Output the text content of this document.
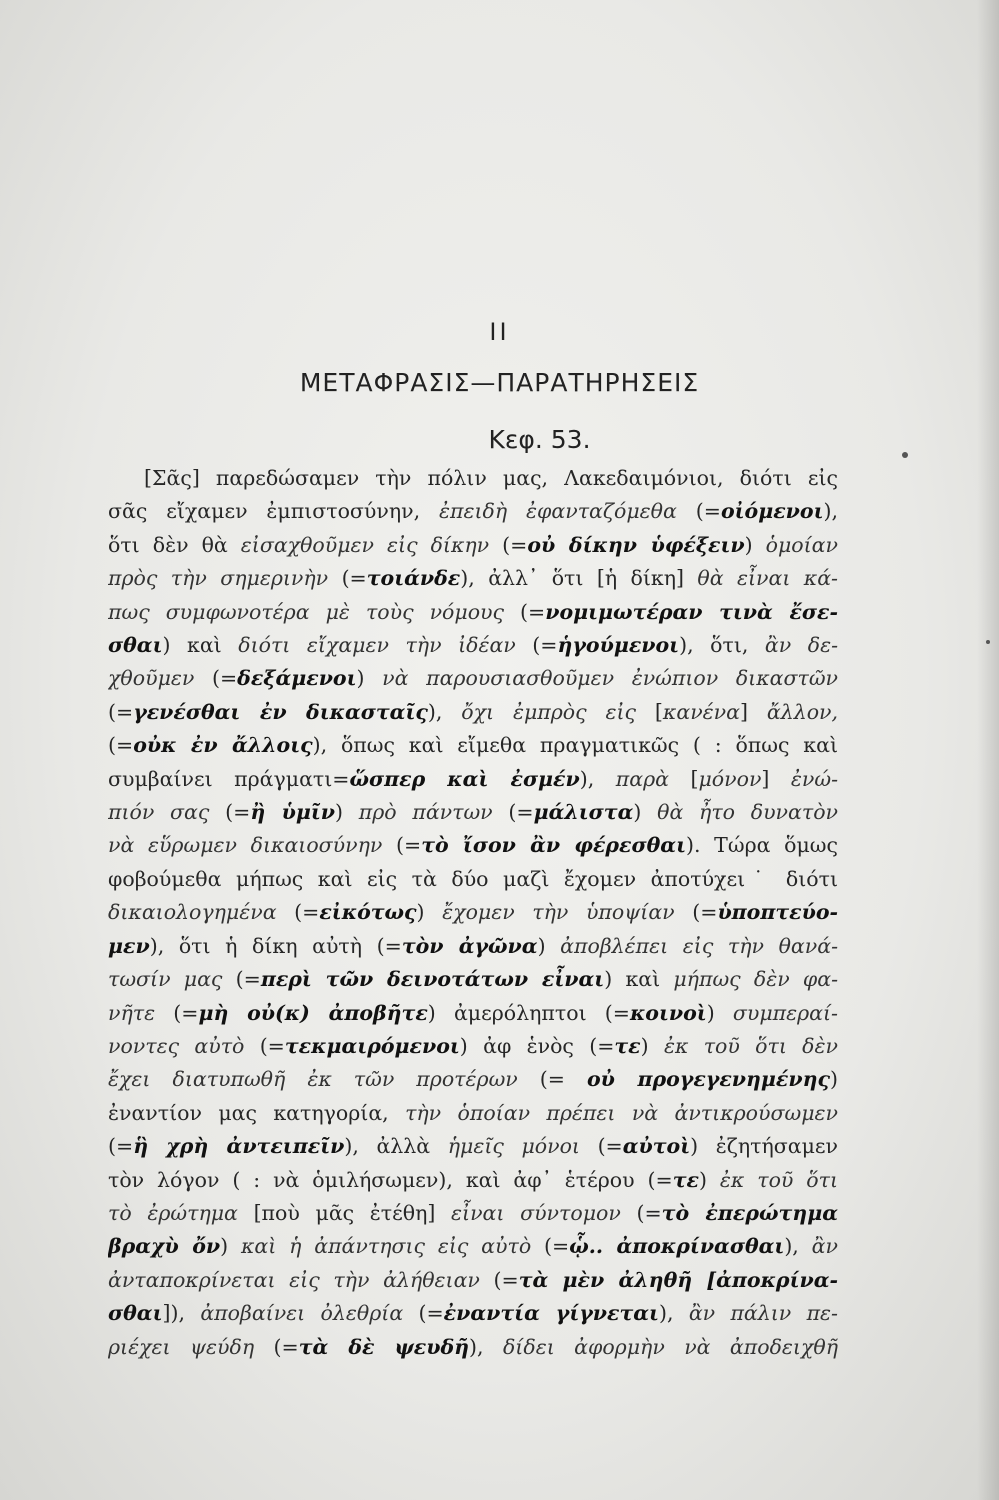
II
ΜΕΤΑΦΡΑΣΙΣ—ΠΑΡΑΤΗΡΗΣΕΙΣ
Κεφ. 53.
[Σᾶς] παρεδώσαμεν τὴν πόλιν μας, Λακεδαιμόνιοι, διότι εἰς
σᾶς εἴχαμεν ἐμπιστοσύνην, ἐπειδὴ ἐφανταζόμεθα (=οἰόμενοι),
ὅτι δὲν θὰ εἰσαχθοῦμεν εἰς δίκην (=οὐ δίκην ὑφέξειν) ὁμοίαν
πρὸς τὴν σημερινὴν (=τοιάνδε), ἀλλ᾿ ὅτι [ἡ δίκη] θὰ εἶναι κά-
πως συμφωνοτέρα μὲ τοὺς νόμους (=νομιμωτέραν τινὰ ἔσε-
σθαι) καὶ διότι εἴχαμεν τὴν ἰδέαν (=ἡγούμενοι), ὅτι, ἂν δε-
χθοῦμεν (=δεξάμενοι) νὰ παρουσιασθοῦμεν ἐνώπιον δικαστῶν
(=γενέσθαι ἐν δικασταῖς), ὄχι ἐμπρὸς εἰς [κανένα] ἄλλον,
(=οὐκ ἐν ἄλλοις), ὅπως καὶ εἴμεθα πραγματικῶς ( : ὅπως καὶ
συμβαίνει πράγματι=ὥσπερ καὶ ἐσμέν), παρὰ [μόνον] ἐνώ-
πιόν σας (=ἢ ὑμῖν) πρὸ πάντων (=μάλιστα) θὰ ἦτο δυνατὸν
νὰ εὕρωμεν δικαιοσύνην (=τὸ ἴσον ἂν φέρεσθαι). Τώρα ὅμως
φοβούμεθα μήπως καὶ εἰς τὰ δύο μαζὶ ἔχομεν ἀποτύχει˙ διότι
δικαιολογημένα (=εἰκότως) ἔχομεν τὴν ὑποψίαν (=ὑποπτεύο-
μεν), ὅτι ἡ δίκη αὐτὴ (=τὸν ἀγῶνα) ἀποβλέπει εἰς τὴν θανά-
τωσίν μας (=περὶ τῶν δεινοτάτων εἶναι) καὶ μήπως δὲν φα-
νῆτε (=μὴ οὐ(κ) ἀποβῆτε) ἀμερόληπτοι (=κοινοὶ) συμπεραί-
νοντες αὐτὸ (=τεκμαιρόμενοι) ἀφ ἑνὸς (=τε) ἐκ τοῦ ὅτι δὲν
ἔχει διατυπωθῆ ἐκ τῶν προτέρων (= οὐ προγεγενημένης)
ἐναντίον μας κατηγορία, τὴν ὁποίαν πρέπει νὰ ἀντικρούσωμεν
(=ἣ χρὴ ἀντειπεῖν), ἀλλὰ ἡμεῖς μόνοι (=αὐτοὶ) ἐζητήσαμεν
τὸν λόγον ( : νὰ ὁμιλήσωμεν), καὶ ἀφ᾿ ἑτέρου (=τε) ἐκ τοῦ ὅτι
τὸ ἐρώτημα [ποὺ μᾶς ἐτέθη] εἶναι σύντομον (=τὸ ἐπερώτημα
βραχὺ ὄν) καὶ ἡ ἀπάντησις εἰς αὐτὸ (=ᾧ.. ἀποκρίνασθαι), ἂν
ἀνταποκρίνεται εἰς τὴν ἀλήθειαν (=τὰ μὲν ἀληθῆ [ἀποκρίνα-
σθαι]), ἀποβαίνει ὀλεθρία (=ἐναντία γίγνεται), ἂν πάλιν πε-
ριέχει ψεύδη (=τὰ δὲ ψευδῆ), δίδει ἀφορμὴν νὰ ἀποδειχθῆ
